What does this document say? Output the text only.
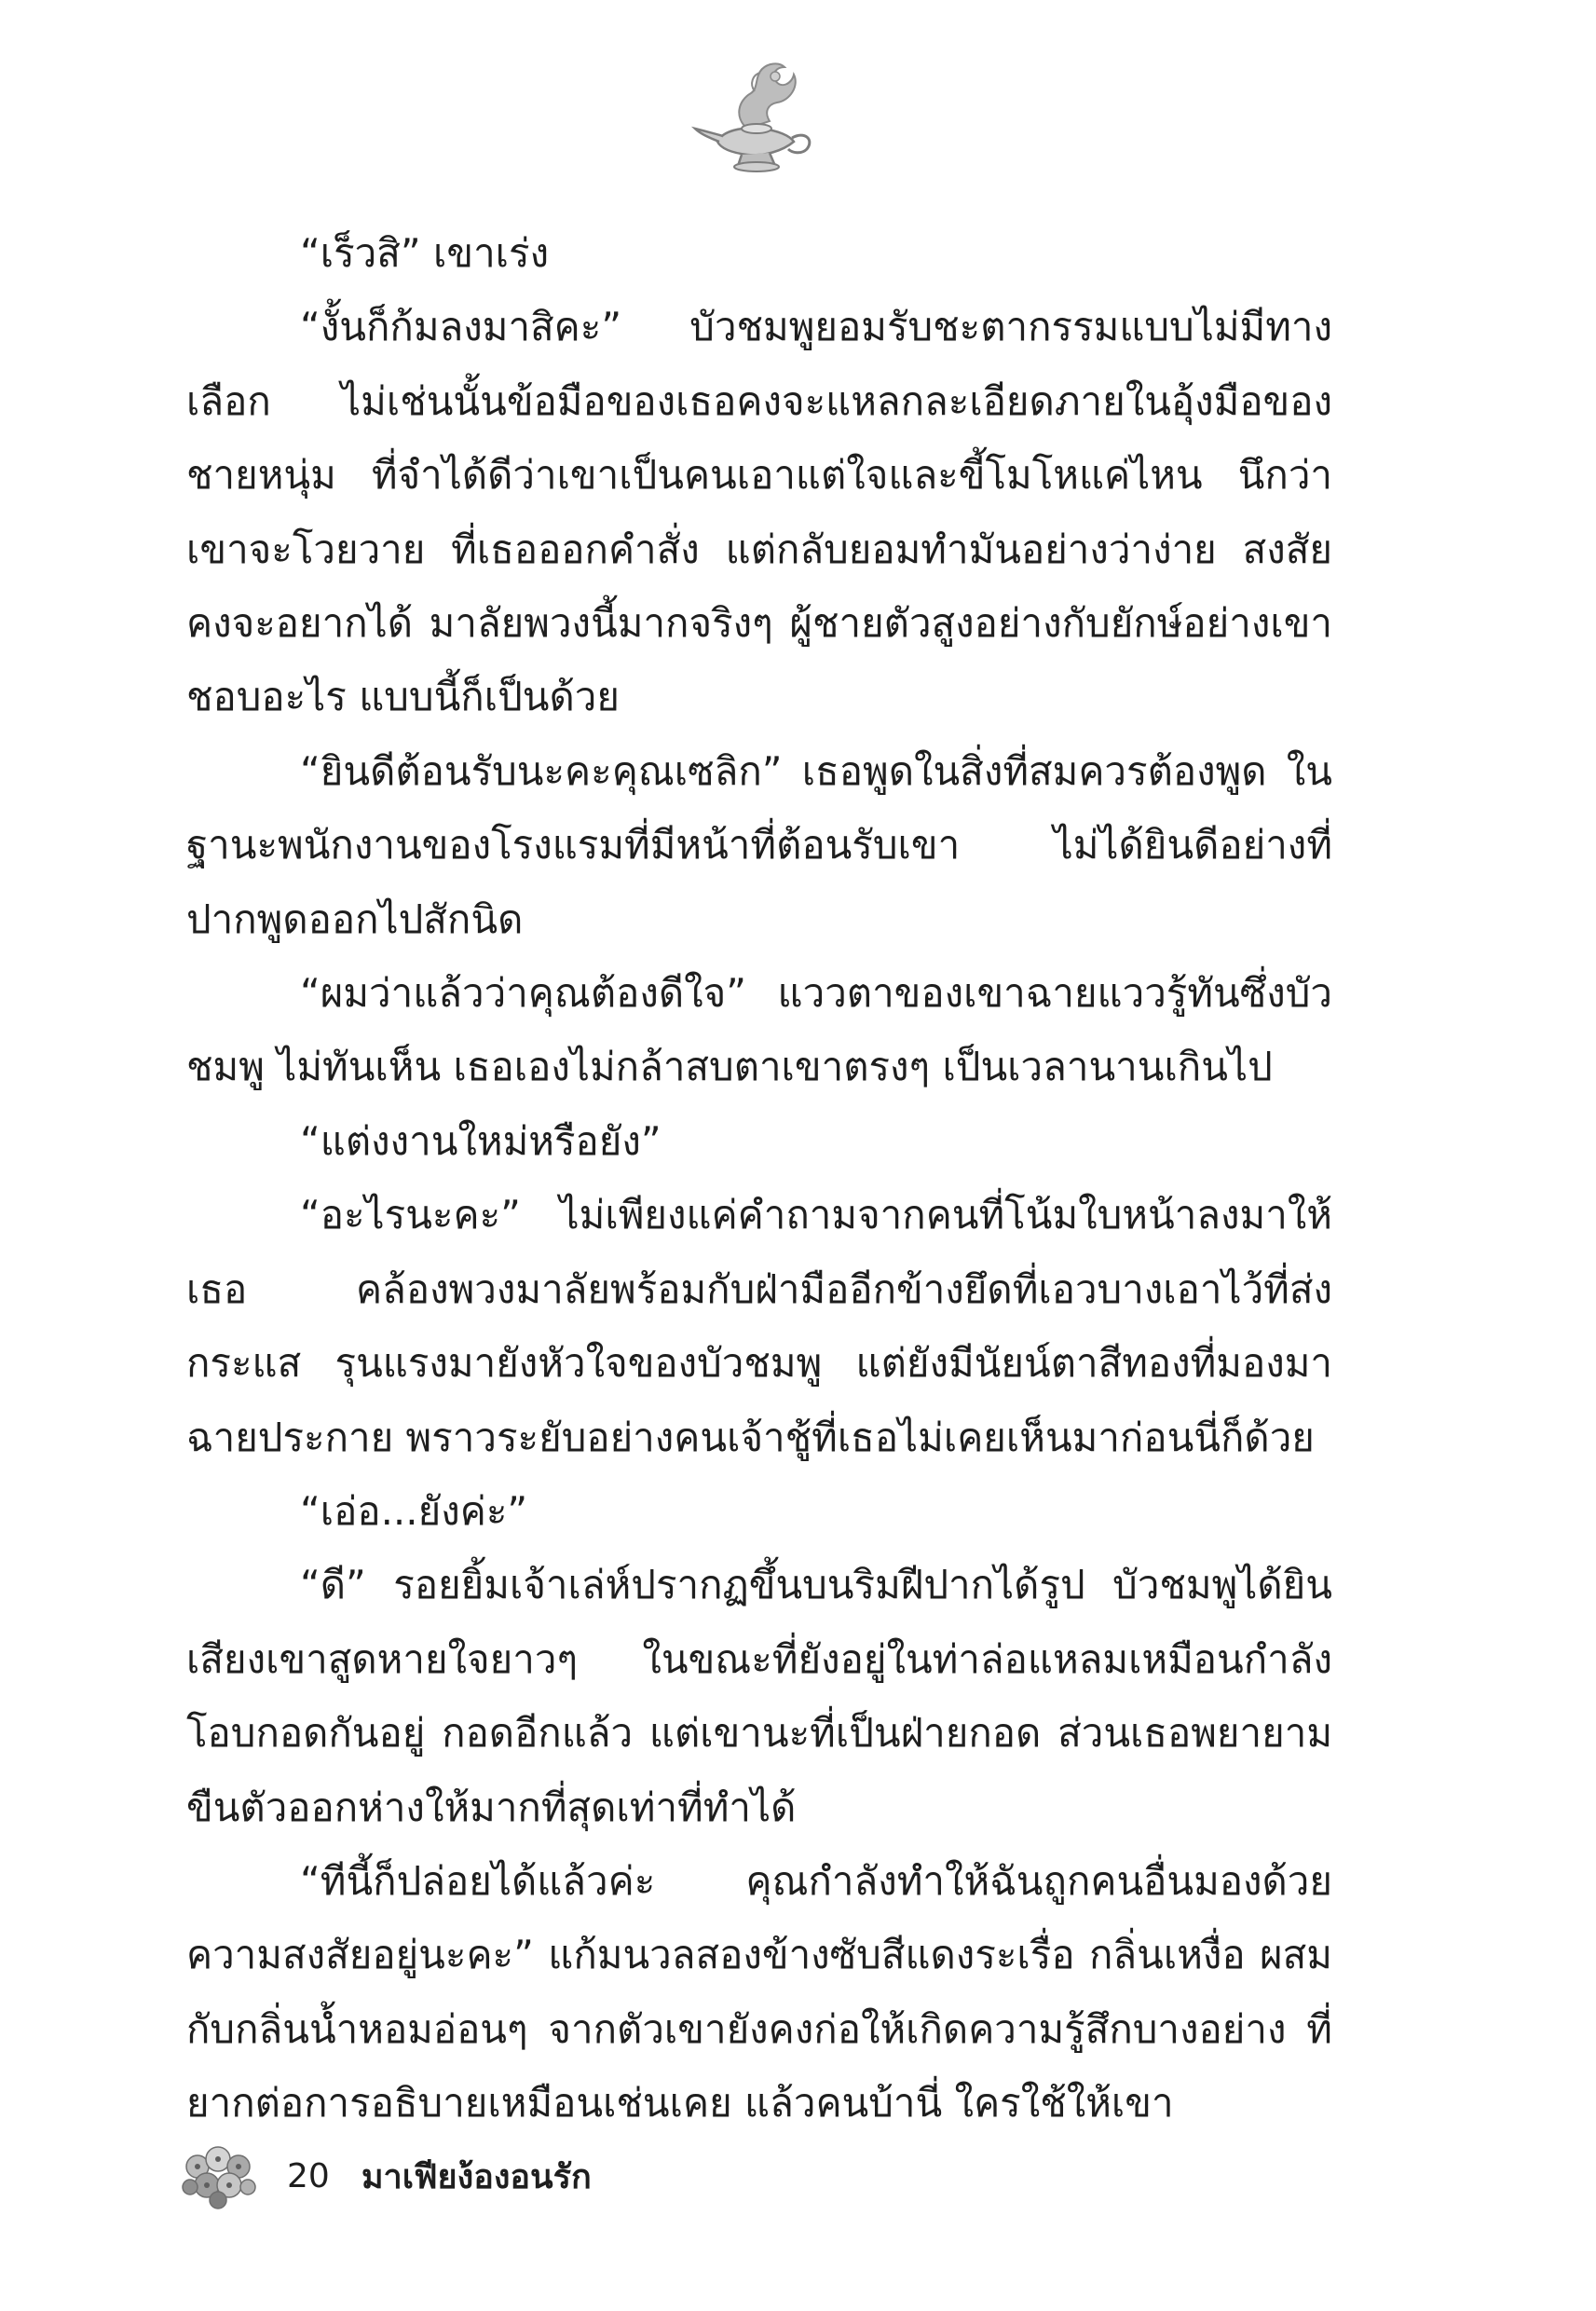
“เร็วสิ” เขาเร่ง

“งั้นก็ก้มลงมาสิคะ” บัวชมพูยอมรับชะตากรรมแบบไม่มีทางเลือก ไม่เช่นนั้นข้อมือของเธอคงจะแหลกละเอียดภายในอุ้งมือของชายหนุ่ม ที่จำได้ดีว่าเขาเป็นคนเอาแต่ใจและขี้โมโหแค่ไหน นึกว่าเขาจะโวยวาย ที่เธอออกคำสั่ง แต่กลับยอมทำมันอย่างว่าง่าย สงสัยคงจะอยากได้ มาลัยพวงนี้มากจริงๆ ผู้ชายตัวสูงอย่างกับยักษ์อย่างเขาชอบอะไร แบบนี้ก็เป็นด้วย

“ยินดีต้อนรับนะคะคุณเซลิก” เธอพูดในสิ่งที่สมควรต้องพูด ในฐานะพนักงานของโรงแรมที่มีหน้าที่ต้อนรับเขา ไม่ได้ยินดีอย่างที่ ปากพูดออกไปสักนิด

“ผมว่าแล้วว่าคุณต้องดีใจ” แววตาของเขาฉายแววรู้ทันซึ่งบัวชมพู ไม่ทันเห็น เธอเองไม่กล้าสบตาเขาตรงๆ เป็นเวลานานเกินไป

“แต่งงานใหม่หรือยัง”

“อะไรนะคะ” ไม่เพียงแค่คำถามจากคนที่โน้มใบหน้าลงมาให้เธอ คล้องพวงมาลัยพร้อมกับฝ่ามืออีกข้างยึดที่เอวบางเอาไว้ที่ส่งกระแส รุนแรงมายังหัวใจของบัวชมพู แต่ยังมีนัยน์ตาสีทองที่มองมาฉายประกาย พราวระยับอย่างคนเจ้าชู้ที่เธอไม่เคยเห็นมาก่อนนี่ก็ด้วย

“เอ่อ...ยังค่ะ”

“ดี” รอยยิ้มเจ้าเล่ห์ปรากฏขึ้นบนริมฝีปากได้รูป บัวชมพูได้ยิน เสียงเขาสูดหายใจยาวๆ ในขณะที่ยังอยู่ในท่าล่อแหลมเหมือนกำลัง โอบกอดกันอยู่ กอดอีกแล้ว แต่เขานะที่เป็นฝ่ายกอด ส่วนเธอพยายาม ขืนตัวออกห่างให้มากที่สุดเท่าที่ทำได้

“ทีนี้ก็ปล่อยได้แล้วค่ะ คุณกำลังทำให้ฉันถูกคนอื่นมองด้วย ความสงสัยอยู่นะคะ” แก้มนวลสองข้างซับสีแดงระเรื่อ กลิ่นเหงื่อ ผสมกับกลิ่นน้ำหอมอ่อนๆ จากตัวเขายังคงก่อให้เกิดความรู้สึกบางอย่าง ที่ยากต่อการอธิบายเหมือนเช่นเคย แล้วคนบ้านี่ ใครใช้ให้เขา

20 มาเฟียง้องอนรัก
